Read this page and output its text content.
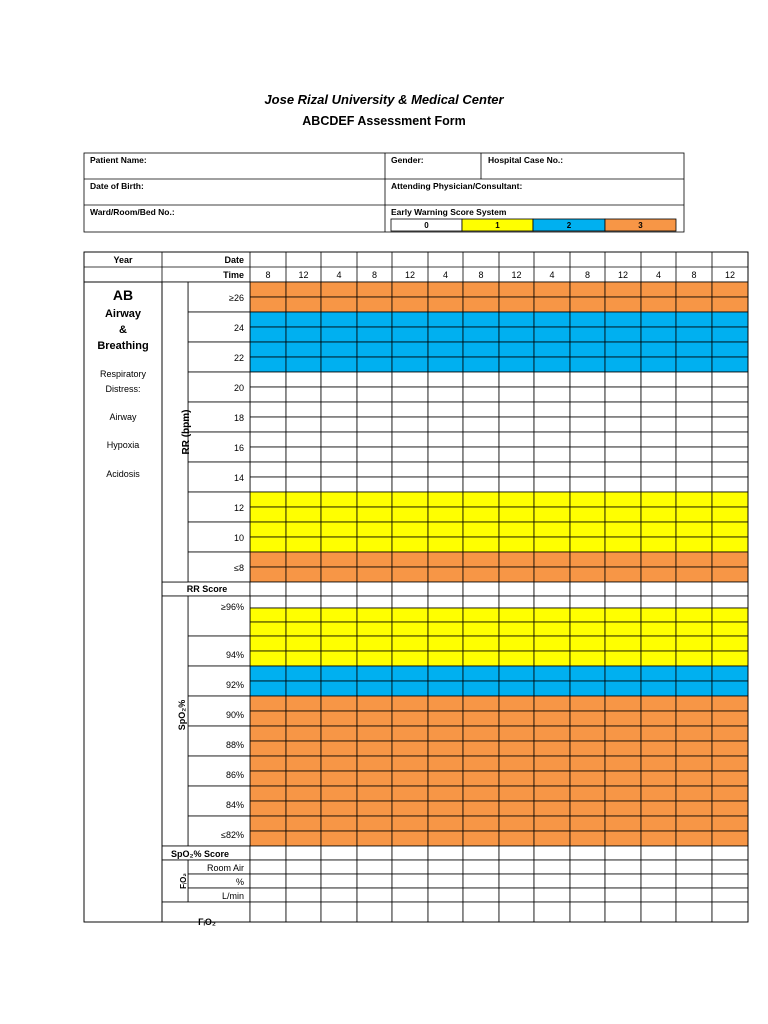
Jose Rizal University & Medical Center
ABCDEF Assessment Form
Patient Name:	Gender:	Hospital Case No.:
Date of Birth:	Attending Physician/Consultant:
Ward/Room/Bed No.:	Early Warning Score System
0	1	2	3
Year	Date
Time 8	12	4	8	12	4	8	12	4	8	12	4	8	12
≥26
24
22
20
18
16
14
12
10
≤8
RR Score
RR (bpm)
≥96%
94%
92%
90%
88%
86%
84%
≤82%
SpO₂%
SpO₂% Score
Room Air
%
L/min
FᵢO₂
FᵢO₂
AB
Airway
&
Breathing
Respiratory
Distress:
Airway
Hypoxia
Acidosis
